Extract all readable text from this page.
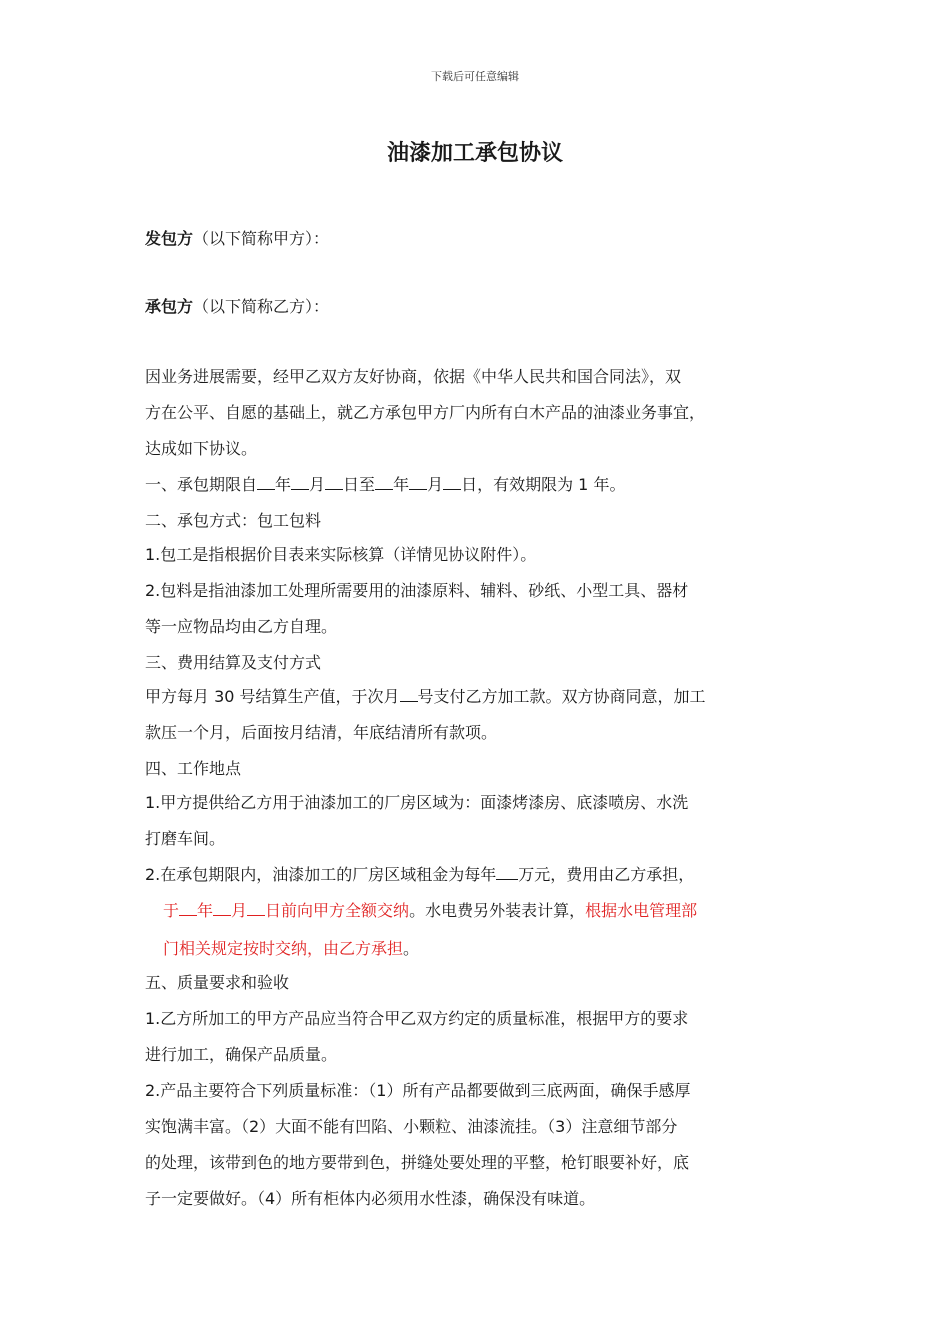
下载后可任意编辑
油漆加工承包协议
发包方（以下简称甲方）：
承包方（以下简称乙方）：
因业务进展需要，经甲乙双方友好协商，依据《中华人民共和国合同法》，双
方在公平、自愿的基础上，就乙方承包甲方厂内所有白木产品的油漆业务事宜，
达成如下协议。
一、承包期限自 年 月 日至 年 月 日，有效期限为 1 年。
二、承包方式：包工包料
1.包工是指根据价目表来实际核算（详情见协议附件）。
2.包料是指油漆加工处理所需要用的油漆原料、辅料、砂纸、小型工具、器材
等一应物品均由乙方自理。
三、费用结算及支付方式
甲方每月 30 号结算生产值，于次月 号支付乙方加工款。双方协商同意，加工
款压一个月，后面按月结清，年底结清所有款项。
四、工作地点
1.甲方提供给乙方用于油漆加工的厂房区域为：面漆烤漆房、底漆喷房、水洗
打磨车间。
2.在承包期限内，油漆加工的厂房区域租金为每年 万元，费用由乙方承担，
于 年 月 日前向甲方全额交纳。水电费另外装表计算，根据水电管理部
门相关规定按时交纳，由乙方承担。
五、质量要求和验收
1.乙方所加工的甲方产品应当符合甲乙双方约定的质量标准，根据甲方的要求
进行加工，确保产品质量。
2.产品主要符合下列质量标准：（1）所有产品都要做到三底两面，确保手感厚
实饱满丰富。（2）大面不能有凹陷、小颗粒、油漆流挂。（3）注意细节部分
的处理，该带到色的地方要带到色，拼缝处要处理的平整，枪钉眼要补好，底
子一定要做好。（4）所有柜体内必须用水性漆，确保没有味道。
